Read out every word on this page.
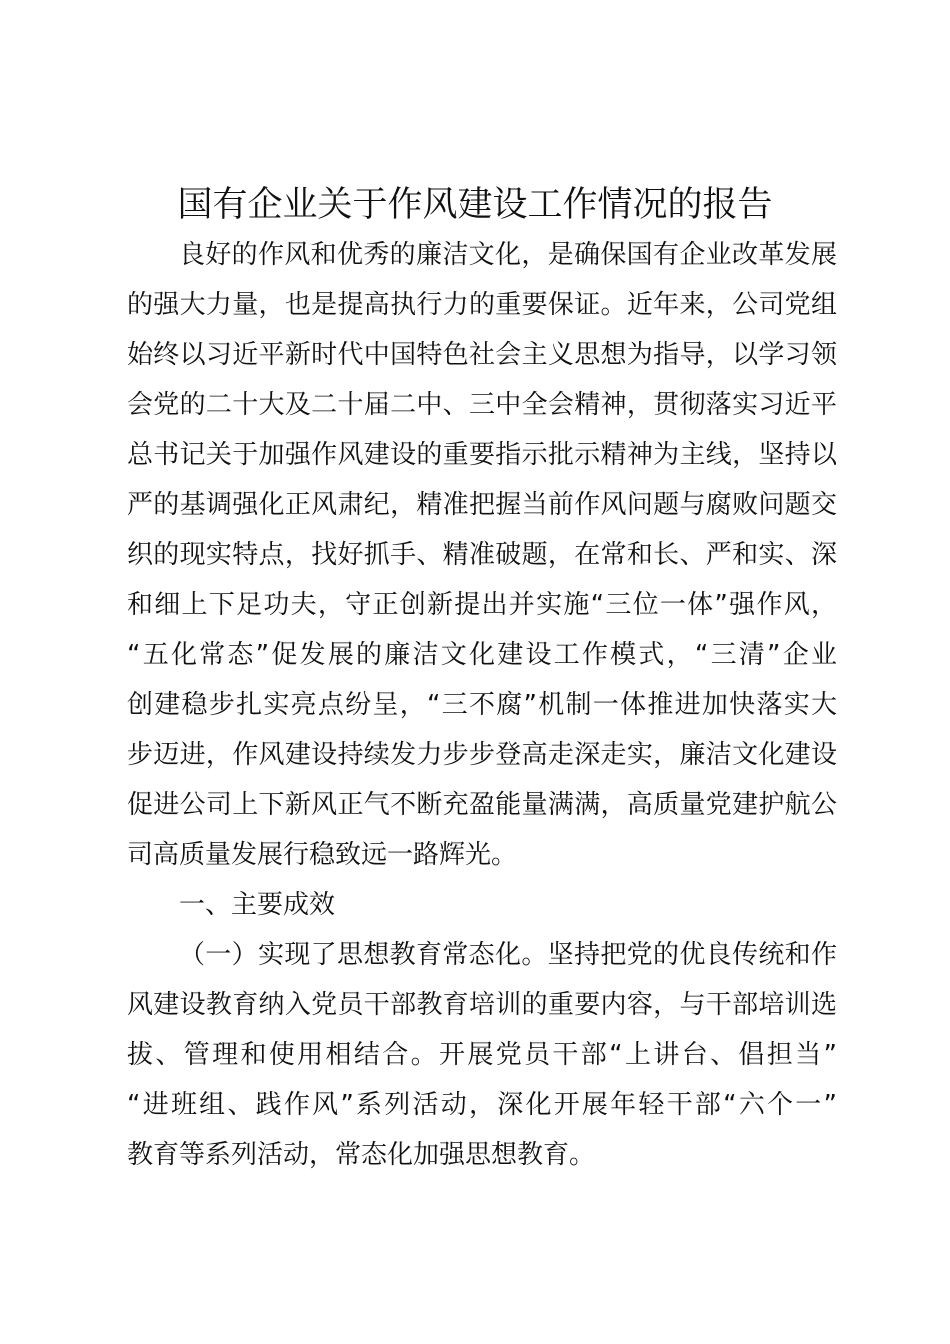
国有企业关于作风建设工作情况的报告

良好的作风和优秀的廉洁文化，是确保国有企业改革发展

的强大力量，也是提高执行力的重要保证。近年来，公司党组

始终以习近平新时代中国特色社会主义思想为指导，以学习领

会党的二十大及二十届二中、三中全会精神，贯彻落实习近平

总书记关于加强作风建设的重要指示批示精神为主线，坚持以

严的基调强化正风肃纪，精准把握当前作风问题与腐败问题交

织的现实特点，找好抓手、精准破题，在常和长、严和实、深

和细上下足功夫，守正创新提出并实施“三位一体”强作风，

“五化常态”促发展的廉洁文化建设工作模式，“三清”企业

创建稳步扎实亮点纷呈，“三不腐”机制一体推进加快落实大

步迈进，作风建设持续发力步步登高走深走实，廉洁文化建设

促进公司上下新风正气不断充盈能量满满，高质量党建护航公

司高质量发展行稳致远一路辉光。

一、主要成效

（一）实现了思想教育常态化。坚持把党的优良传统和作

风建设教育纳入党员干部教育培训的重要内容，与干部培训选

拔、管理和使用相结合。开展党员干部“上讲台、倡担当”

“进班组、践作风”系列活动，深化开展年轻干部“六个一”

教育等系列活动，常态化加强思想教育。
